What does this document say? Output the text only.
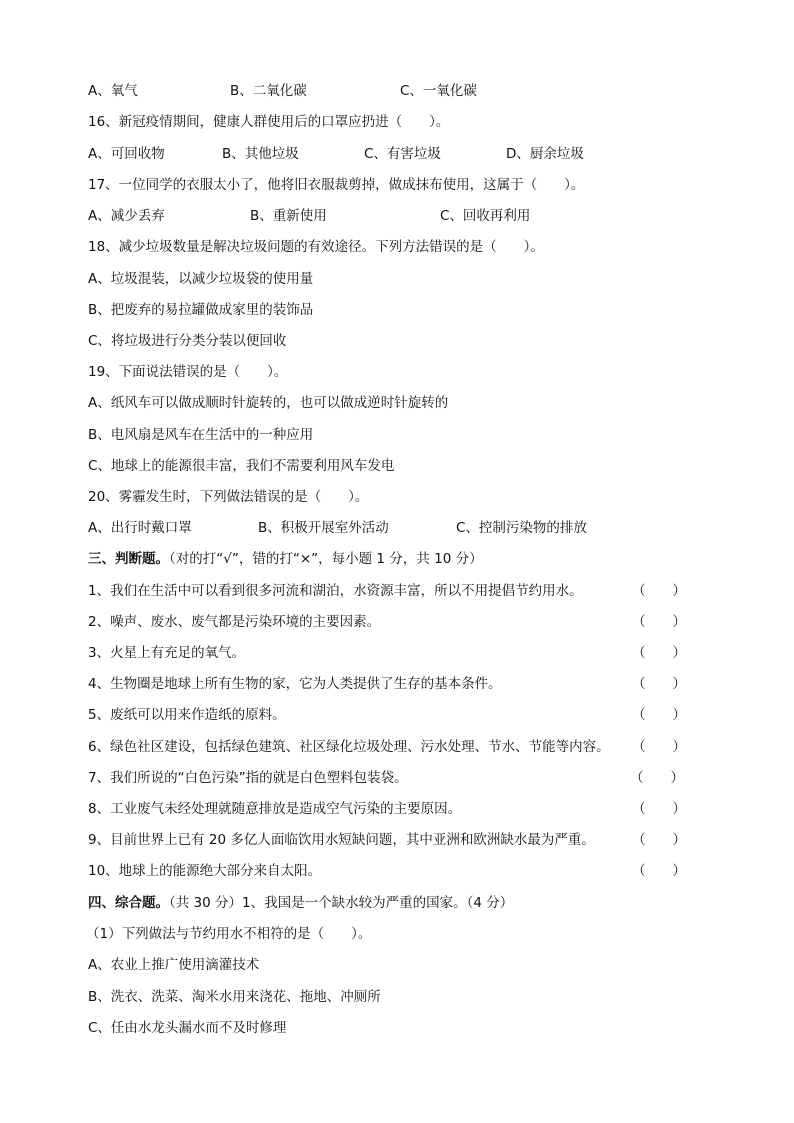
A、氧气	B、二氧化碳	C、一氧化碳
16、新冠疫情期间，健康人群使用后的口罩应扔进（　　）。
A、可回收物	B、其他垃圾	C、有害垃圾	D、厨余垃圾
17、一位同学的衣服太小了，他将旧衣服裁剪掉，做成抹布使用，这属于（　　）。
A、减少丢弃	B、重新使用	C、回收再利用
18、减少垃圾数量是解决垃圾问题的有效途径。下列方法错误的是（　　）。
A、垃圾混装，以减少垃圾袋的使用量
B、把废弃的易拉罐做成家里的装饰品
C、将垃圾进行分类分装以便回收
19、下面说法错误的是（　　）。
A、纸风车可以做成顺时针旋转的，也可以做成逆时针旋转的
B、电风扇是风车在生活中的一种应用
C、地球上的能源很丰富，我们不需要利用风车发电
20、雾霾发生时，下列做法错误的是（　　）。
A、出行时戴口罩	B、积极开展室外活动	C、控制污染物的排放
三、判断题。（对的打“√”，错的打“×”，每小题 1 分，共 10 分）
1、我们在生活中可以看到很多河流和湖泊，水资源丰富，所以不用提倡节约用水。	（　　）
2、噪声、废水、废气都是污染环境的主要因素。	（　　）
3、火星上有充足的氧气。	（　　）
4、生物圈是地球上所有生物的家，它为人类提供了生存的基本条件。	（　　）
5、废纸可以用来作造纸的原料。	（　　）
6、绿色社区建设，包括绿色建筑、社区绿化垃圾处理、污水处理、节水、节能等内容。 （　　）
7、我们所说的“白色污染”指的就是白色塑料包装袋。	（　　）
8、工业废气未经处理就随意排放是造成空气污染的主要原因。	（　　）
9、目前世界上已有 20 多亿人面临饮用水短缺问题，其中亚洲和欧洲缺水最为严重。	（　　）
10、地球上的能源绝大部分来自太阳。	（　　）
四、综合题。（共 30 分）1、我国是一个缺水较为严重的国家。（4 分）
（1）下列做法与节约用水不相符的是（　　）。
A、农业上推广使用滴灌技术
B、洗衣、洗菜、淘米水用来浇花、拖地、冲厕所
C、任由水龙头漏水而不及时修理
